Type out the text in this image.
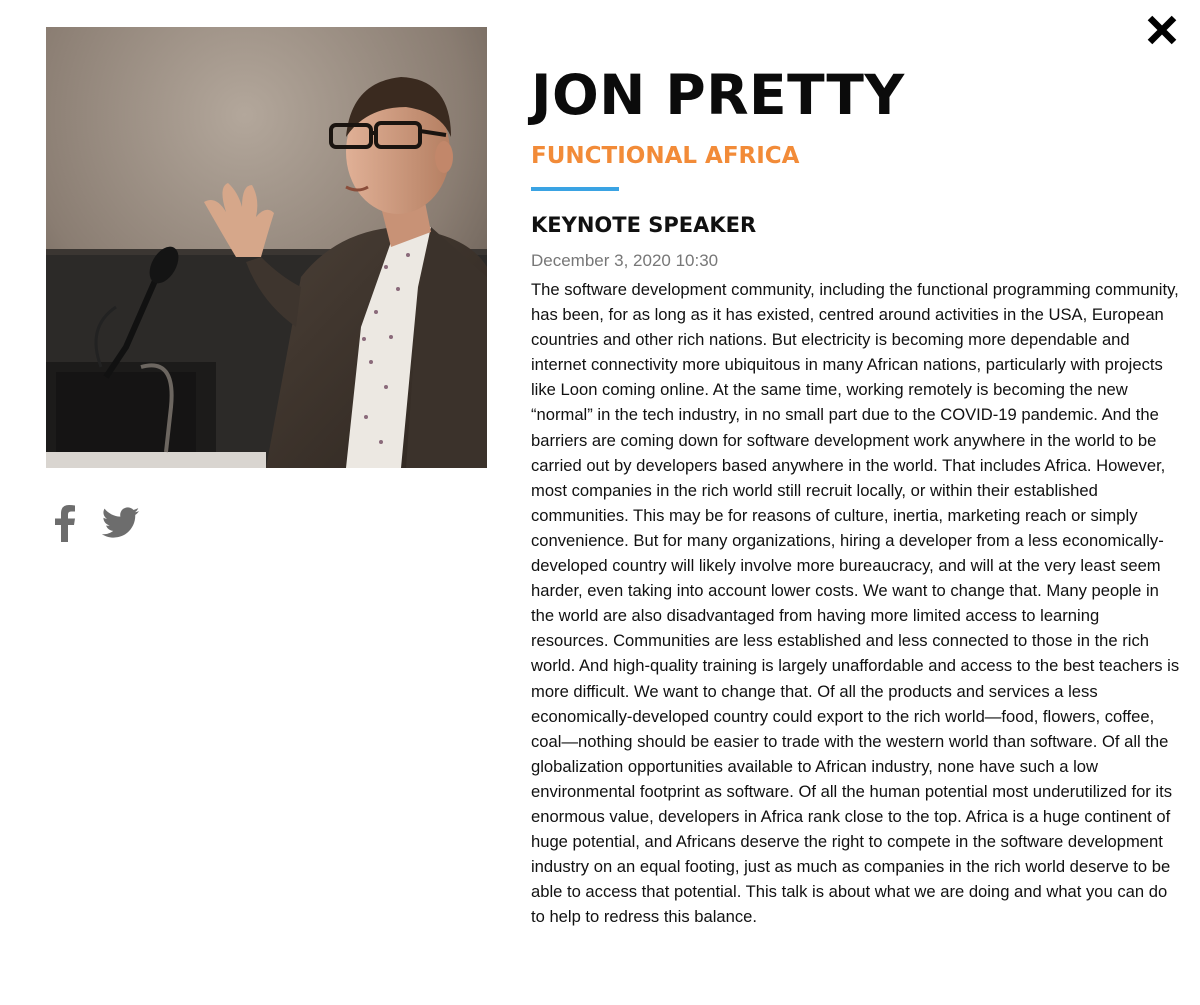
JON PRETTY
FUNCTIONAL AFRICA
KEYNOTE SPEAKER
December 3, 2020 10:30

The software development community, including the functional programming community, has been, for as long as it has existed, centred around activities in the USA, European countries and other rich nations. But electricity is becoming more dependable and internet connectivity more ubiquitous in many African nations, particularly with projects like Loon coming online. At the same time, working remotely is becoming the new “normal” in the tech industry, in no small part due to the COVID-19 pandemic. And the barriers are coming down for software development work anywhere in the world to be carried out by developers based anywhere in the world. That includes Africa. However, most companies in the rich world still recruit locally, or within their established communities. This may be for reasons of culture, inertia, marketing reach or simply convenience. But for many organizations, hiring a developer from a less economically-developed country will likely involve more bureaucracy, and will at the very least seem harder, even taking into account lower costs. We want to change that. Many people in the world are also disadvantaged from having more limited access to learning resources. Communities are less established and less connected to those in the rich world. And high-quality training is largely unaffordable and access to the best teachers is more difficult. We want to change that. Of all the products and services a less economically-developed country could export to the rich world—food, flowers, coffee, coal—nothing should be easier to trade with the western world than software. Of all the globalization opportunities available to African industry, none have such a low environmental footprint as software. Of all the human potential most underutilized for its enormous value, developers in Africa rank close to the top. Africa is a huge continent of huge potential, and Africans deserve the right to compete in the software development industry on an equal footing, just as much as companies in the rich world deserve to be able to access that potential. This talk is about what we are doing and what you can do to help to redress this balance.
